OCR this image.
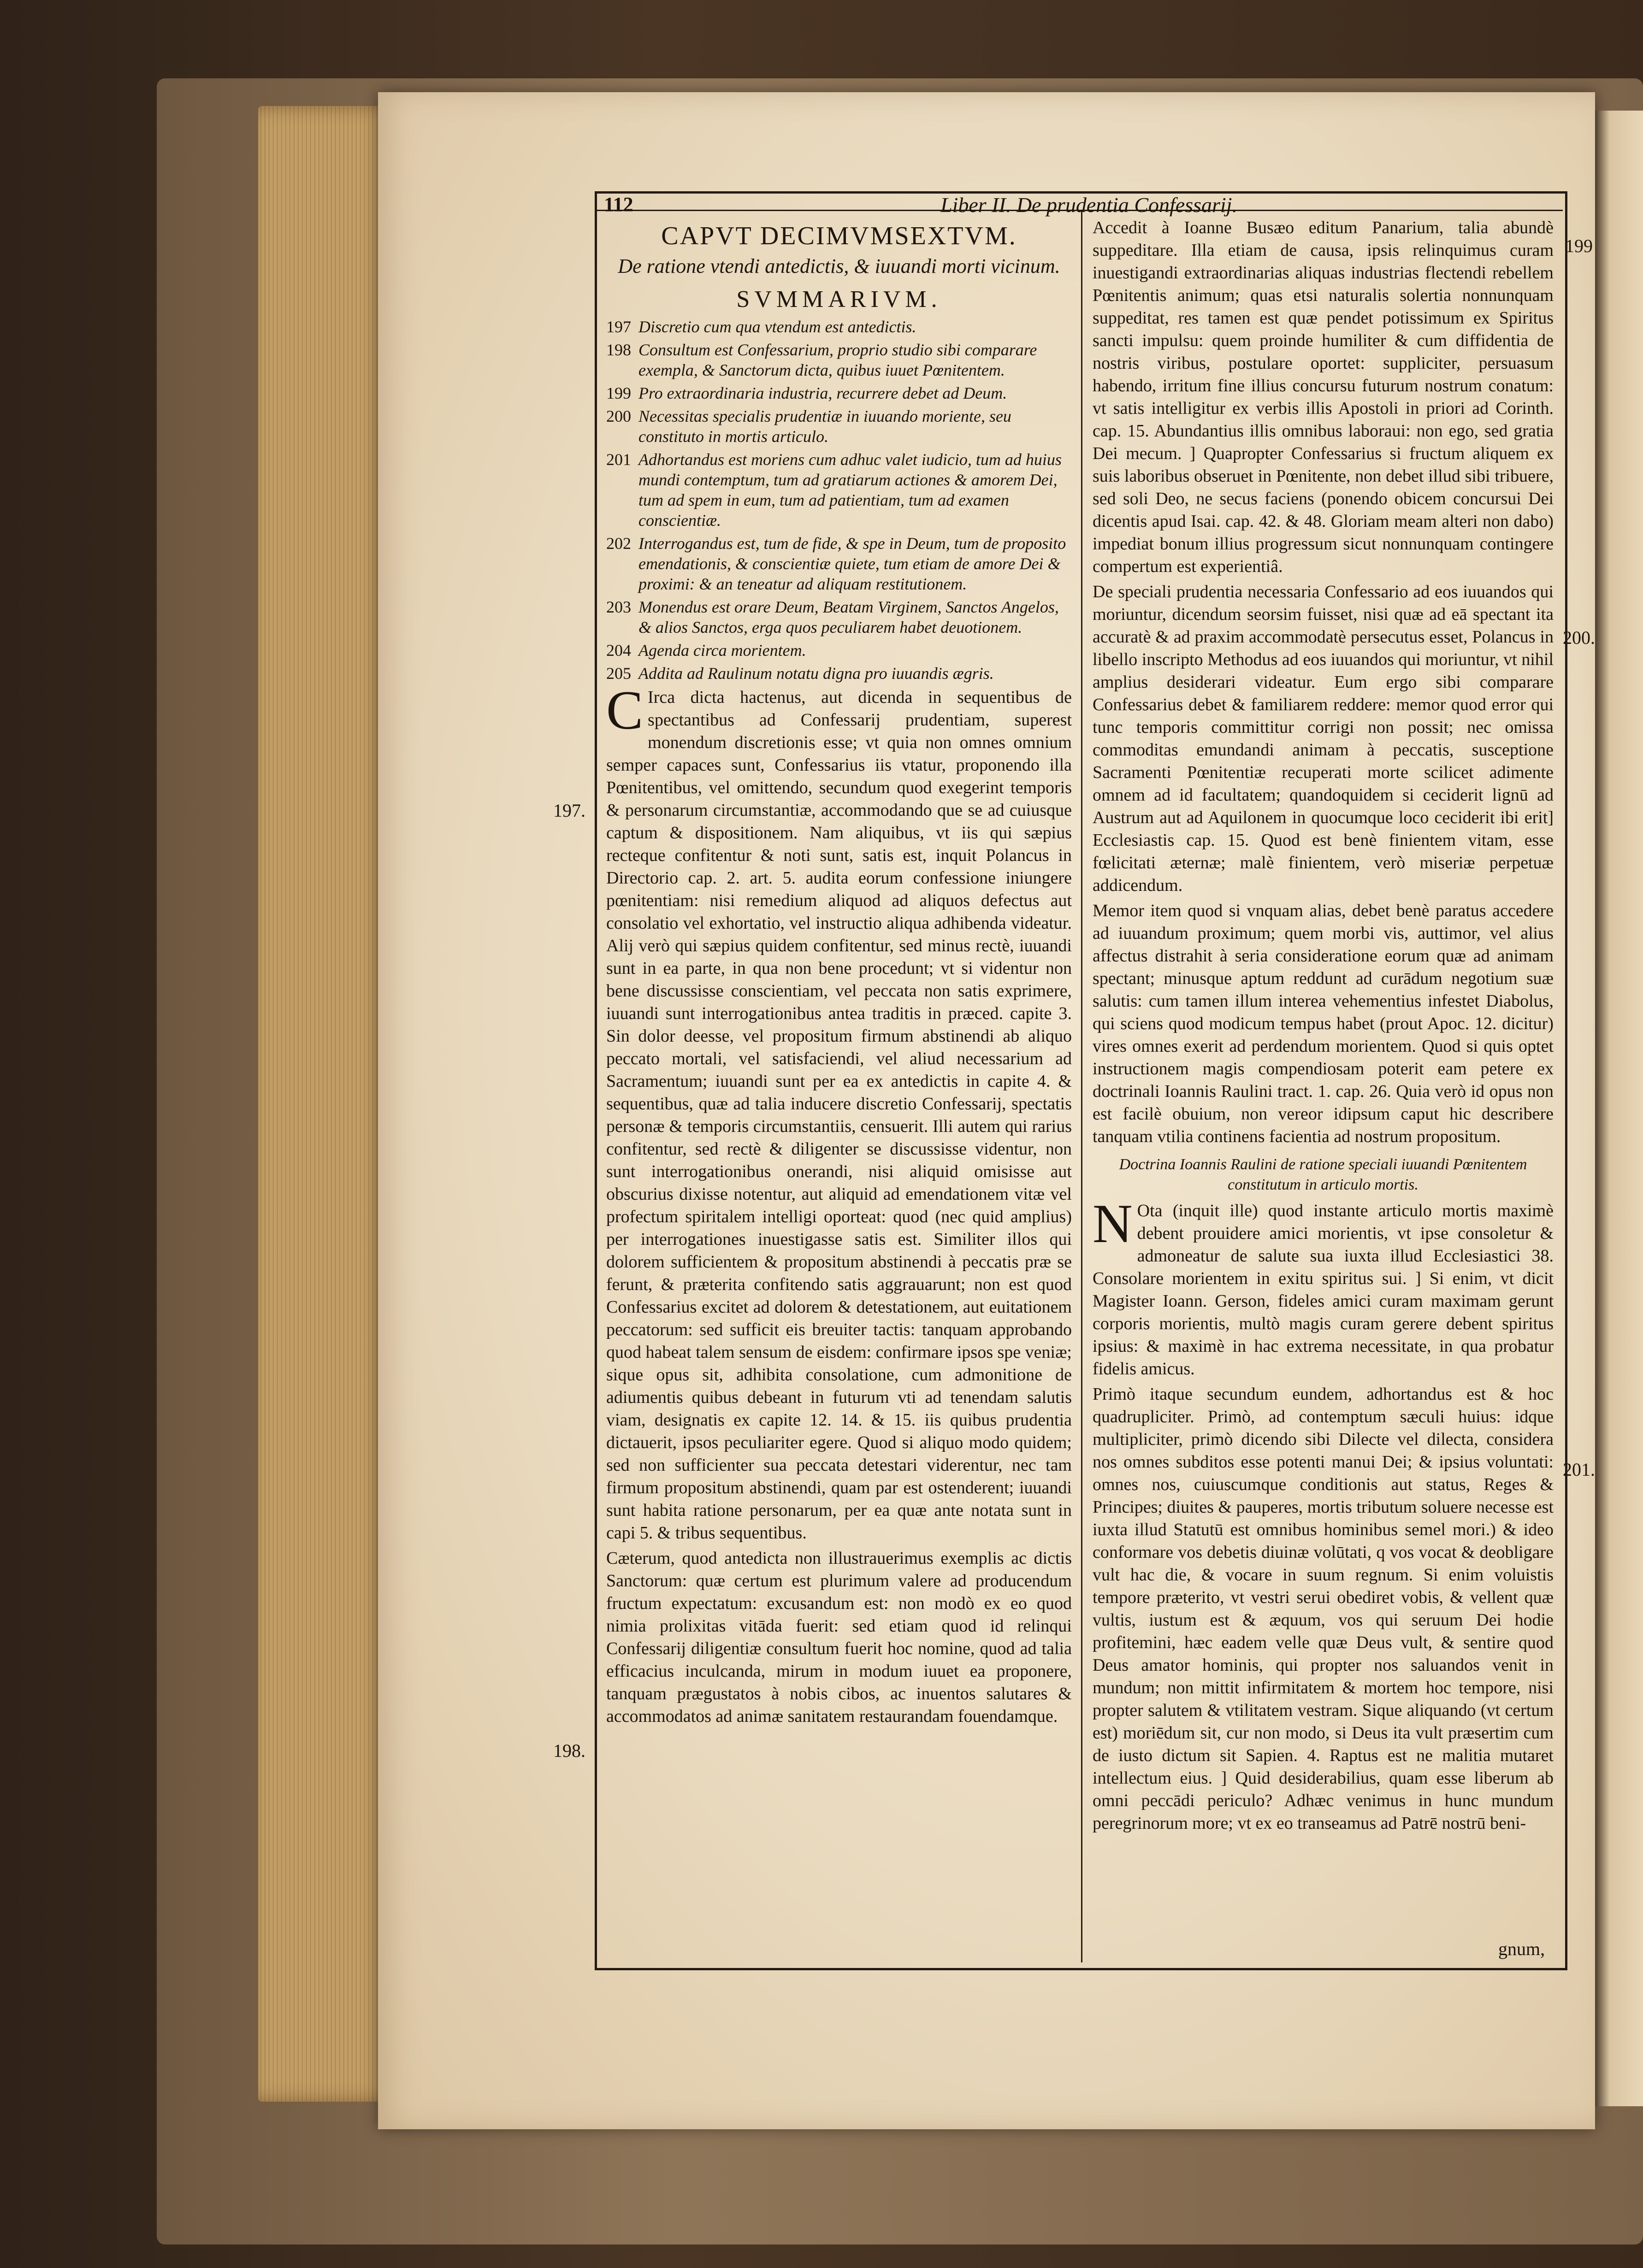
112	Liber II. De prudentia Confessarij.
CAPVT DECIMVMSEXTVM.
De ratione vtendi antedictis, & iuuandi morti vicinum.
SVMMARIVM.
197 Discretio cum qua vtendum est antedictis.
198 Consultum est Confessarium, proprio studio sibi comparare exempla, & Sanctorum dicta, quibus iuuet Pœnitentem.
199 Pro extraordinaria industria, recurrere debet ad Deum.
200 Necessitas specialis prudentiæ in iuuando moriente, seu constituto in mortis articulo.
201 Adhortandus est moriens cum adhuc valet iudicio, tum ad huius mundi contemptum, tum ad gratiarum actiones & amorem Dei, tum ad spem in eum, tum ad patientiam, tum ad examen conscientiæ.
202 Interrogandus est, tum de fide, & spe in Deum, tum de proposito emendationis, & conscientiæ quiete, tum etiam de amore Dei & proximi: & an teneatur ad aliquam restitutionem.
203 Monendus est orare Deum, Beatam Virginem, Sanctos Angelos, & alios Sanctos, erga quos peculiarem habet deuotionem.
204 Agenda circa morientem.
205 Addita ad Raulinum notatu digna pro iuuandis ægris.

C Irca dicta hactenus, aut dicenda in sequentibus de spectantibus ad Confessarij prudentiam, superest monendum discretionis esse; vt quia non omnes omnium semper capaces sunt, Confessarius iis vtatur, proponendo illa Pœnitentibus, vel omittendo, secundum quod exegerint temporis & personarum circumstantiæ, accommodando que se ad cuiusque captum & dispositionem. Nam aliquibus, vt iis qui sæpius recteque confitentur & noti sunt, satis est, inquit Polancus in Directorio cap. 2. art. 5. audita eorum confessione iniungere pœnitentiam: nisi remedium aliquod ad aliquos defectus aut consolatio vel exhortatio, vel instructio aliqua adhibenda videatur. Alij verò qui sæpius quidem confitentur, sed minus rectè, iuuandi sunt in ea parte, in qua non bene procedunt; vt si videntur non bene discussisse conscientiam, vel peccata non satis exprimere, iuuandi sunt interrogationibus antea traditis in præced. capite 3. Sin dolor deesse, vel propositum firmum abstinendi ab aliquo peccato mortali, vel satisfaciendi, vel aliud necessarium ad Sacramentum; iuuandi sunt per ea ex antedictis in capite 4. & sequentibus, quæ ad talia inducere discretio Confessarij, spectatis personæ & temporis circumstantiis, censuerit. Illi autem qui rarius confitentur, sed rectè & diligenter se discussisse videntur, non sunt interrogationibus onerandi, nisi aliquid omisisse aut obscurius dixisse notentur, aut aliquid ad emendationem vitæ vel profectum spiritalem intelligi oporteat: quod (nec quid amplius) per interrogationes inuestigasse satis est. Similiter illos qui dolorem sufficientem & propositum abstinendi à peccatis præ se ferunt, & præterita confitendo satis aggrauarunt; non est quod Confessarius excitet ad dolorem & detestationem, aut euitationem peccatorum: sed sufficit eis breuiter tactis: tanquam approbando quod habeat talem sensum de eisdem: confirmare ipsos spe veniæ; sique opus sit, adhibita consolatione, cum admonitione de adiumentis quibus debeant in futurum vti ad tenendam salutis viam, designatis ex capite 12. 14. & 15. iis quibus prudentia dictauerit, ipsos peculiariter egere. Quod si aliquo modo quidem; sed non sufficienter sua peccata detestari viderentur, nec tam firmum propositum abstinendi, quam par est ostenderent; iuuandi sunt habita ratione personarum, per ea quæ ante notata sunt in capi 5. & tribus sequentibus.

Cæterum, quod antedicta non illustrauerimus exemplis ac dictis Sanctorum: quæ certum est plurimum valere ad producendum fructum expectatum: excusandum est: non modò ex eo quod nimia prolixitas vitāda fuerit: sed etiam quod id relinqui Confessarij diligentiæ consultum fuerit hoc nomine, quod ad talia efficacius inculcanda, mirum in modum iuuet ea proponere, tanquam prægustatos à nobis cibos, ac inuentos salutares & accommodatos ad animæ sanitatem restaurandam fouendamque.

Accedit à Ioanne Busæo editum Panarium, talia abundè suppeditare. Illa etiam de causa, ipsis relinquimus curam inuestigandi extraordinarias aliquas industrias flectendi rebellem Pœnitentis animum; quas etsi naturalis solertia nonnunquam suppeditat, res tamen est quæ pendet potissimum ex Spiritus sancti impulsu: quem proinde humiliter & cum diffidentia de nostris viribus, postulare oportet: suppliciter, persuasum habendo, irritum fine illius concursu futurum nostrum conatum: vt satis intelligitur ex verbis illis Apostoli in priori ad Corinth. cap. 15. Abundantius illis omnibus laboraui: non ego, sed gratia Dei mecum. ] Quapropter Confessarius si fructum aliquem ex suis laboribus obseruet in Pœnitente, non debet illud sibi tribuere, sed soli Deo, ne secus faciens (ponendo obicem concursui Dei dicentis apud Isai. cap. 42. & 48. Gloriam meam alteri non dabo) impediat bonum illius progressum sicut nonnunquam contingere compertum est experientiâ.

De speciali prudentia necessaria Confessario ad eos iuuandos qui moriuntur, dicendum seorsim fuisset, nisi quæ ad eā spectant ita accuratè & ad praxim accommodatè persecutus esset, Polancus in libello inscripto Methodus ad eos iuuandos qui moriuntur, vt nihil amplius desiderari videatur. Eum ergo sibi comparare Confessarius debet & familiarem reddere: memor quod error qui tunc temporis committitur corrigi non possit; nec omissa commoditas emundandi animam à peccatis, susceptione Sacramenti Pœnitentiæ recuperati morte scilicet adimente omnem ad id facultatem; quandoquidem si ceciderit lignū ad Austrum aut ad Aquilonem in quocumque loco ceciderit ibi erit] Ecclesiastis cap. 15. Quod est benè finientem vitam, esse fœlicitati æternæ; malè finientem, verò miseriæ perpetuæ addicendum.

Memor item quod si vnquam alias, debet benè paratus accedere ad iuuandum proximum; quem morbi vis, auttimor, vel alius affectus distrahit à seria consideratione eorum quæ ad animam spectant; minusque aptum reddunt ad curādum negotium suæ salutis: cum tamen illum interea vehementius infestet Diabolus, qui sciens quod modicum tempus habet (prout Apoc. 12. dicitur) vires omnes exerit ad perdendum morientem. Quod si quis optet instructionem magis compendiosam poterit eam petere ex doctrinali Ioannis Raulini tract. 1. cap. 26. Quia verò id opus non est facilè obuium, non vereor idipsum caput hic describere tanquam vtilia continens facientia ad nostrum propositum.

Doctrina Ioannis Raulini de ratione speciali iuuandi Pœnitentem constitutum in articulo mortis.

N Ota (inquit ille) quod instante articulo mortis maximè debent prouidere amici morientis, vt ipse consoletur & admoneatur de salute sua iuxta illud Ecclesiastici 38. Consolare morientem in exitu spiritus sui. ] Si enim, vt dicit Magister Ioann. Gerson, fideles amici curam maximam gerunt corporis morientis, multò magis curam gerere debent spiritus ipsius: & maximè in hac extrema necessitate, in qua probatur fidelis amicus.

Primò itaque secundum eundem, adhortandus est & hoc quadrupliciter. Primò, ad contemptum sæculi huius: idque multipliciter, primò dicendo sibi Dilecte vel dilecta, considera nos omnes subditos esse potenti manui Dei; & ipsius voluntati: omnes nos, cuiuscumque conditionis aut status, Reges & Principes; diuites & pauperes, mortis tributum soluere necesse est iuxta illud Statutū est omnibus hominibus semel mori.) & ideo conformare vos debetis diuinæ volūtati, q vos vocat & deobligare vult hac die, & vocare in suum regnum. Si enim voluistis tempore præterito, vt vestri serui obediret vobis, & vellent quæ vultis, iustum est & æquum, vos qui seruum Dei hodie profitemini, hæc eadem velle quæ Deus vult, & sentire quod Deus amator hominis, qui propter nos saluandos venit in mundum; non mittit infirmitatem & mortem hoc tempore, nisi propter salutem & vtilitatem vestram. Sique aliquando (vt certum est) moriēdum sit, cur non modo, si Deus ita vult præsertim cum de iusto dictum sit Sapien. 4. Raptus est ne malitia mutaret intellectum eius. ] Quid desiderabilius, quam esse liberum ab omni peccādi periculo? Adhæc venimus in hunc mundum peregrinorum more; vt ex eo transeamus ad Patrē nostrū beni-

197.
198.
199
200.
201.
gnum,
